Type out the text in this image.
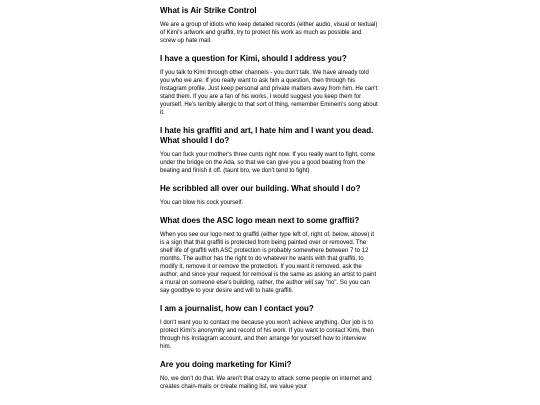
What is Air Strike Control
We are a group of idiots who keep detailed records (either audio, visual or textual) of Kimi's artwork and graffiti, try to protect his work as much as possible and screw up hate mail.
I have a question for Kimi, should I address you?
If you talk to Kimi through other channels - you don't talk. We have already told you who we are. If you really want to ask him a question, then through his Instagram profile. Just keep personal and private matters away from him. He can't stand them. If you are a fan of his works, I would suggest you keep them for yourself. He's terribly allergic to that sort of thing, remember Eminem's song about it.
I hate his graffiti and art, I hate him and I want you dead. What should I do?
You can fuck your mother's three cunts right now. If you really want to fight, come under the bridge on the Ada, so that we can give you a good beating from the beating and finish it off. (taunt bro, we don't tend to fight)
He scribbled all over our building. What should I do?
You can blow his cock yourself.
What does the ASC logo mean next to some graffiti?
When you see our logo next to graffiti (either type left of, right of, below, above) it is a sign that that graffiti is protected from being painted over or removed. The shelf life of graffiti with ASC protection is probably somewhere between 7 to 12 months. The author has the right to do whatever he wants with that graffiti, to modify it, remove it or remove the protection. If you want it removed, ask the author, and since your request for removal is the same as asking an artist to paint a mural on someone else's building, rather, the author will say "no". So you can say goodbye to your desire and will to hate graffiti.
I am a journalist, how can I contact you?
I don't want you to contact me because you won't achieve anything. Our job is to protect Kimi's anonymity and record of his work. If you want to contact Kimi, then through his Instagram account, and then arrange for yourself how to interview him.
Are you doing marketing for Kimi?
No, we don't do that. We aren't that crazy to attack some people on internet and creates chain-mails or create mailing list, we value your
